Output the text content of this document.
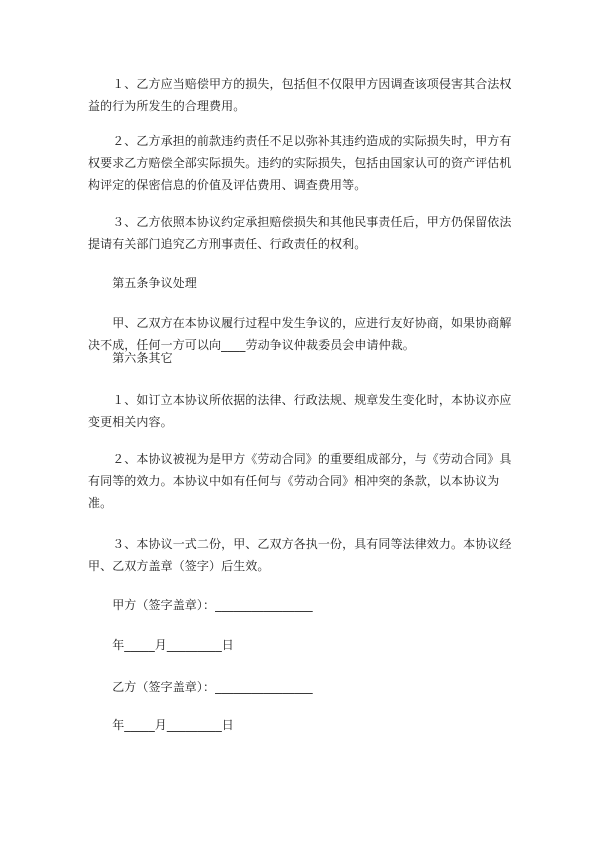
　　１、乙方应当赔偿甲方的损失，包括但不仅限甲方因调查该项侵害其合法权益的行为所发生的合理费用。
　　２、乙方承担的前款违约责任不足以弥补其违约造成的实际损失时，甲方有权要求乙方赔偿全部实际损失。违约的实际损失，包括由国家认可的资产评估机构评定的保密信息的价值及评估费用、调查费用等。
　　３、乙方依照本协议约定承担赔偿损失和其他民事责任后，甲方仍保留依法提请有关部门追究乙方刑事责任、行政责任的权利。
　　第五条争议处理
　　甲、乙双方在本协议履行过程中发生争议的，应进行友好协商，如果协商解决不成，任何一方可以向____劳动争议仲裁委员会申请仲裁。
　　第六条其它
　　１、如订立本协议所依据的法律、行政法规、规章发生变化时，本协议亦应变更相关内容。
　　２、本协议被视为是甲方《劳动合同》的重要组成部分，与《劳动合同》具有同等的效力。本协议中如有任何与《劳动合同》相冲突的条款，以本协议为准。
　　３、本协议一式二份，甲、乙双方各执一份，具有同等法律效力。本协议经甲、乙双方盖章（签字）后生效。
　　甲方（签字盖章）：________________
　　年_____月_________日
　　乙方（签字盖章）：________________
　　年_____月_________日
